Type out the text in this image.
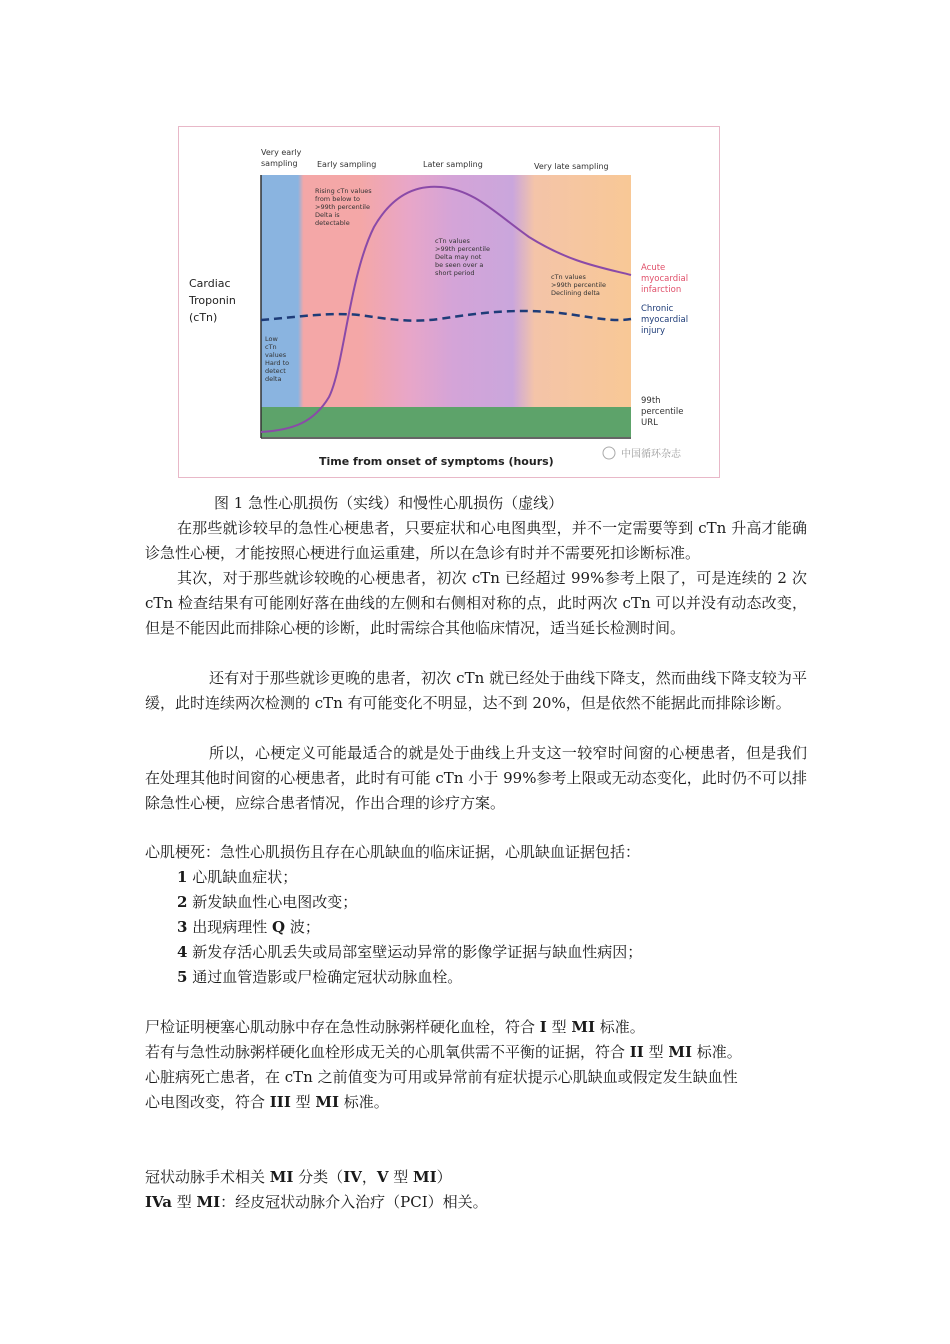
Very early
sampling Early sampling	Later sampling	Very late sampling
Cardiac
Troponin
(cTn)
Time from onset of symptoms (hours)
Rising cTn values
from below to
>99th percentile
Delta is
detectable
cTn values
>99th percentile
Delta may not
be seen over a
short period	cTn values
>99th percentile
Declining delta
Low
cTn
values
Hard to
detect
delta
Acute
myocardial
infarction
Chronic
myocardial
injury
99th
percentile
URL
中国循环杂志
图 1 急性心肌损伤（实线）和慢性心肌损伤（虚线）
在那些就诊较早的急性心梗患者，只要症状和心电图典型，并不一定需要等到 cTn 升高才能确诊急性心梗，才能按照心梗进行血运重建，所以在急诊有时并不需要死扣诊断标准。
其次，对于那些就诊较晚的心梗患者，初次 cTn 已经超过 99%参考上限了，可是连续的 2 次 cTn 检查结果有可能刚好落在曲线的左侧和右侧相对称的点，此时两次 cTn 可以并没有动态改变，但是不能因此而排除心梗的诊断，此时需综合其他临床情况，适当延长检测时间。
还有对于那些就诊更晚的患者，初次 cTn 就已经处于曲线下降支，然而曲线下降支较为平缓，此时连续两次检测的 cTn 有可能变化不明显，达不到 20%，但是依然不能据此而排除诊断。
所以，心梗定义可能最适合的就是处于曲线上升支这一较窄时间窗的心梗患者，但是我们在处理其他时间窗的心梗患者，此时有可能 cTn 小于 99%参考上限或无动态变化，此时仍不可以排除急性心梗，应综合患者情况，作出合理的诊疗方案。
心肌梗死：急性心肌损伤且存在心肌缺血的临床证据，心肌缺血证据包括：
1 心肌缺血症状；
2 新发缺血性心电图改变；
3 出现病理性 Q 波；
4 新发存活心肌丢失或局部室壁运动异常的影像学证据与缺血性病因；
5 通过血管造影或尸检确定冠状动脉血栓。
尸检证明梗塞心肌动脉中存在急性动脉粥样硬化血栓，符合 I 型 MI 标准。
若有与急性动脉粥样硬化血栓形成无关的心肌氧供需不平衡的证据，符合 II 型 MI 标准。
心脏病死亡患者，在 cTn 之前值变为可用或异常前有症状提示心肌缺血或假定发生缺血性
心电图改变，符合 III 型 MI 标准。
冠状动脉手术相关 MI 分类（IV，V 型 MI）
IVa 型 MI：经皮冠状动脉介入治疗（PCI）相关。
